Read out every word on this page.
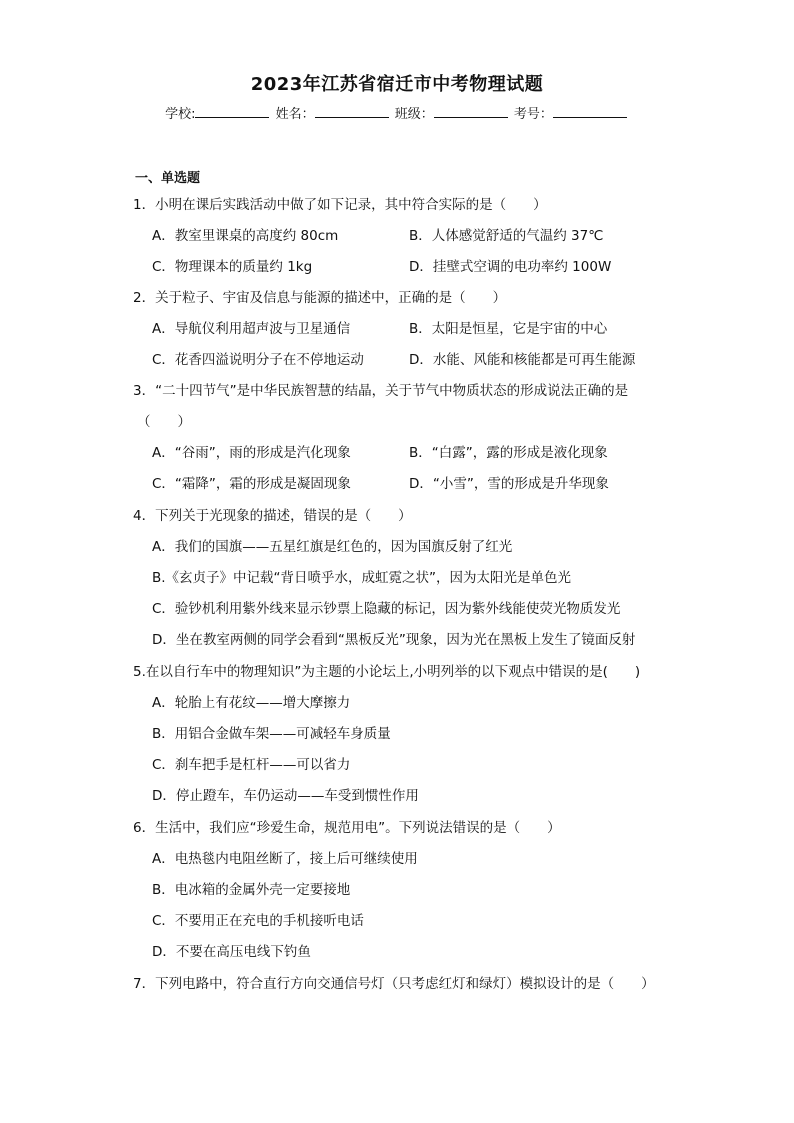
2023年江苏省宿迁市中考物理试题
学校:	姓名：	班级：	考号：
一、单选题
1．小明在课后实践活动中做了如下记录，其中符合实际的是（　　）
A．教室里课桌的高度约 80cm	B．人体感觉舒适的气温约 37℃
C．物理课本的质量约 1kg	D．挂壁式空调的电功率约 100W
2．关于粒子、宇宙及信息与能源的描述中，正确的是（　　）
A．导航仪利用超声波与卫星通信	B．太阳是恒星，它是宇宙的中心
C．花香四溢说明分子在不停地运动	D．水能、风能和核能都是可再生能源
3．“二十四节气”是中华民族智慧的结晶，关于节气中物质状态的形成说法正确的是
（　　）
A．“谷雨”，雨的形成是汽化现象	B．“白露”，露的形成是液化现象
C．“霜降”，霜的形成是凝固现象	D．“小雪”，雪的形成是升华现象
4．下列关于光现象的描述，错误的是（　　）
A．我们的国旗——五星红旗是红色的，因为国旗反射了红光
B.《玄贞子》中记载“背日喷乎水，成虹霓之状”，因为太阳光是单色光
C．验钞机利用紫外线来显示钞票上隐藏的标记，因为紫外线能使荧光物质发光
D．坐在教室两侧的同学会看到“黑板反光”现象，因为光在黑板上发生了镜面反射
5.在以自行车中的物理知识”为主题的小论坛上,小明列举的以下观点中错误的是(　　)
A．轮胎上有花纹——增大摩擦力
B．用铝合金做车架——可减轻车身质量
C．刹车把手是杠杆——可以省力
D．停止蹬车，车仍运动——车受到惯性作用
6．生活中，我们应“珍爱生命，规范用电”。下列说法错误的是（　　）
A．电热毯内电阻丝断了，接上后可继续使用
B．电冰箱的金属外壳一定要接地
C．不要用正在充电的手机接听电话
D．不要在高压电线下钓鱼
7．下列电路中，符合直行方向交通信号灯（只考虑红灯和绿灯）模拟设计的是（　　）
